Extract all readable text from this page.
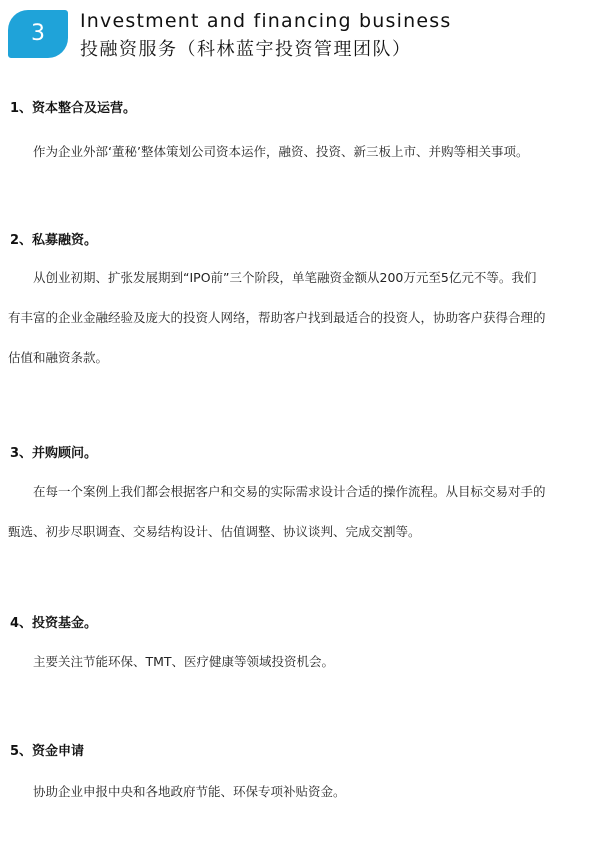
3	Investment and financing business
投融资服务（科林蓝宇投资管理团队）
1、资本整合及运营。
作为企业外部‘董秘’整体策划公司资本运作，融资、投资、新三板上市、并购等相关事项。
2、私募融资。
从创业初期、扩张发展期到“IPO前”三个阶段，单笔融资金额从200万元至5亿元不等。我们
有丰富的企业金融经验及庞大的投资人网络，帮助客户找到最适合的投资人，协助客户获得合理的
估值和融资条款。
3、并购顾问。
在每一个案例上我们都会根据客户和交易的实际需求设计合适的操作流程。从目标交易对手的
甄选、初步尽职调查、交易结构设计、估值调整、协议谈判、完成交割等。
4、投资基金。
主要关注节能环保、TMT、医疗健康等领域投资机会。
5、资金申请
协助企业申报中央和各地政府节能、环保专项补贴资金。
